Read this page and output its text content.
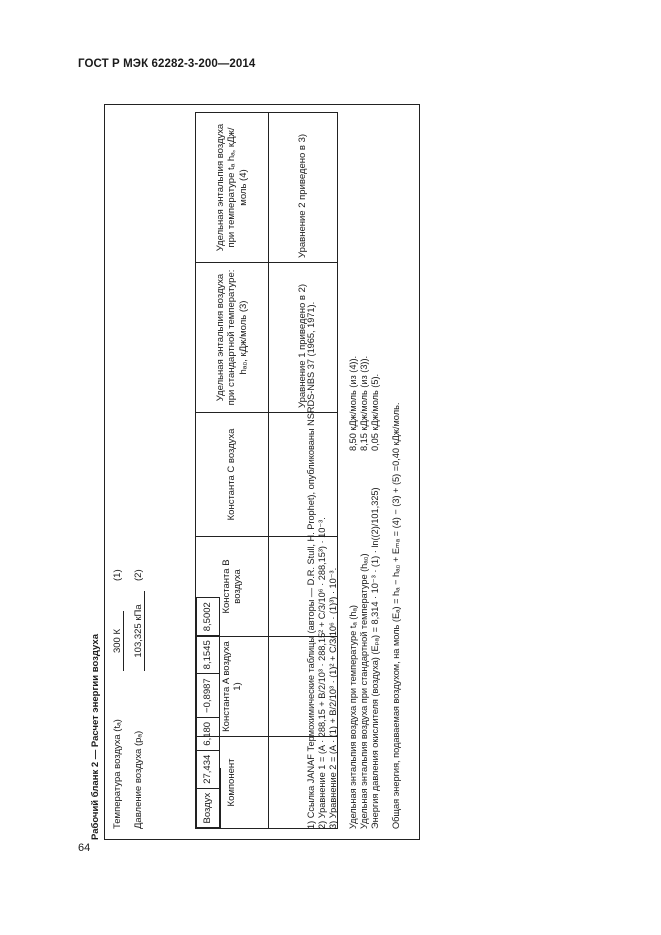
ГОСТ Р МЭК 62282-3-200—2014
Рабочий бланк 2 — Расчет энергии воздуха Температура воздуха (tₐ)
300 К
(1)
Давление воздуха (pₐ)
103,325 кПа
(2)
Компонент	Константа A воздуха 1)	Константа B воздуха	Константа C воздуха	Удельная энтальпия воздуха при стандартной температуре: hₐ₀, кДж/моль (3)	Удельная энтальпия воздуха при температуре tₐ hₐ, кДж/моль (4)
				Уравнение 1 приведено в 2)	Уравнение 2 приведено в 3)

Воздух	27,434	6,180	−0,8987	8,1545	8,5002	1) Ссылка JANAF Термохимические таблицы (авторы — D.R. Stull, H. Prophet), опубликованы NSRDS-NBS 37 (1965, 1971). 2) Уравнение 1 = (A · 288,15 + B/2/10³ · 288,15² + C/3/10⁶ · 288,15³) · 10⁻³. 3) Уравнение 2 = (A · (1) + B/2/10³ · (1)² + C/3/10⁶ · (1)³) · 10⁻³. Удельная энтальпия воздуха при температуре tₐ (hₐ)
8,50 кДж/моль (из (4)).
Удельная энтальпия воздуха при стандартной температуре (hₐ₀)
8,15 кДж/моль (из (3)).
Энергия давления окислителя (воздуха) (Eₚₐ) = 8,314 · 10⁻³ · (1) · ln((2)/101,325)
0,05 кДж/моль (5). Общая энергия, подаваемая воздухом, на моль (Eₐ) = hₐ − hₐ₀ + Eₘₐ = (4) − (3) + (5) =0,40 кДж/моль.
64
